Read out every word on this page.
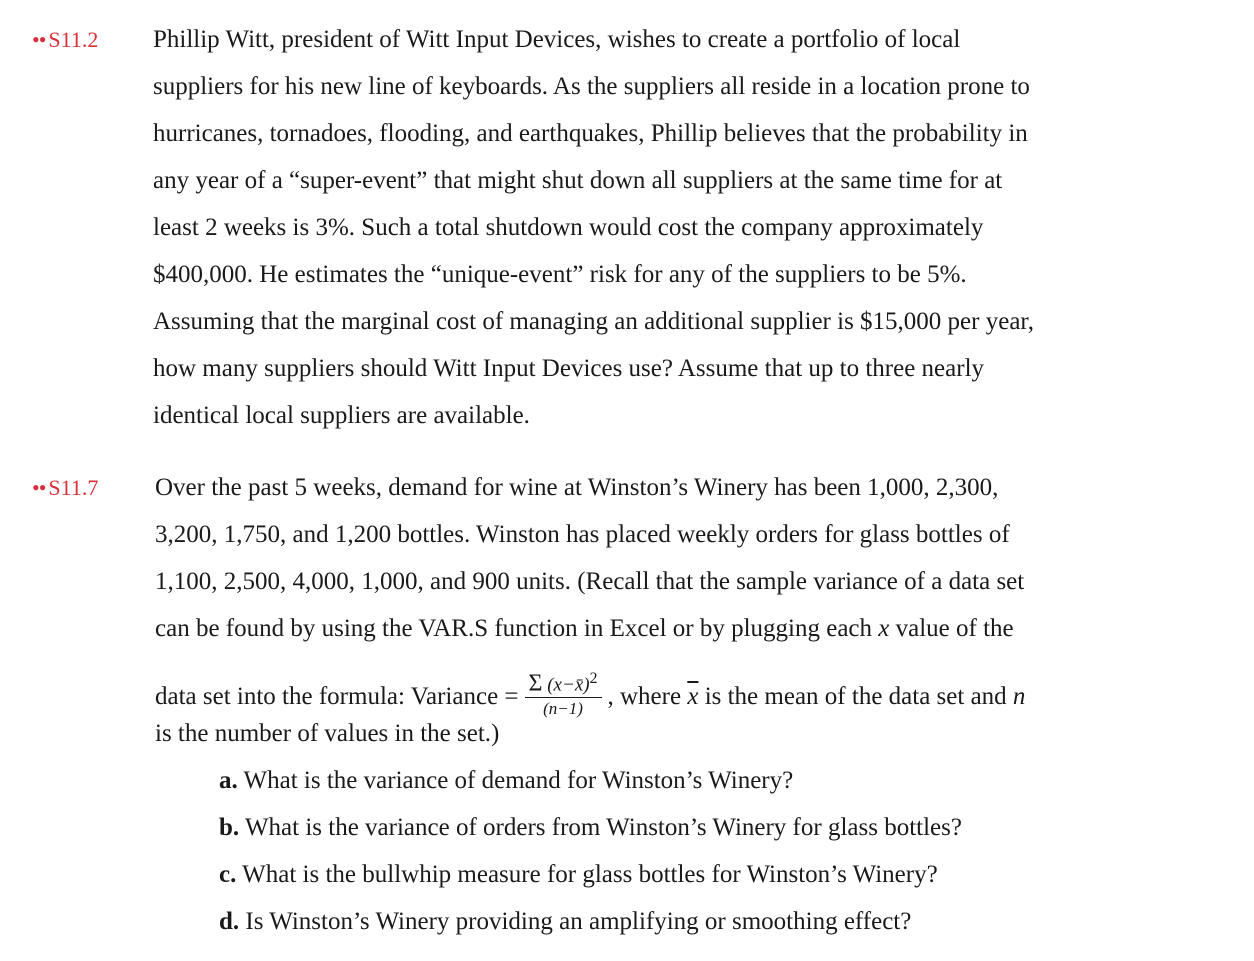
•• S11.2 Phillip Witt, president of Witt Input Devices, wishes to create a portfolio of local
suppliers for his new line of keyboards. As the suppliers all reside in a location prone to
hurricanes, tornadoes, flooding, and earthquakes, Phillip believes that the probability in
any year of a “super-event” that might shut down all suppliers at the same time for at
least 2 weeks is 3%. Such a total shutdown would cost the company approximately
$400,000. He estimates the “unique-event” risk for any of the suppliers to be 5%.
Assuming that the marginal cost of managing an additional supplier is $15,000 per year,
how many suppliers should Witt Input Devices use? Assume that up to three nearly
identical local suppliers are available.
•• S11.7 Over the past 5 weeks, demand for wine at Winston’s Winery has been 1,000, 2,300,
3,200, 1,750, and 1,200 bottles. Winston has placed weekly orders for glass bottles of
1,100, 2,500, 4,000, 1,000, and 900 units. (Recall that the sample variance of a data set
can be found by using the VAR.S function in Excel or by plugging each x value of the
data set into the formula: Variance = $\frac{\Sigma (x-x̄)^2}{(n-1)}$ , where $\overline{x}$ is the mean of the data set and n
is the number of values in the set.)
a. What is the variance of demand for Winston’s Winery?
b. What is the variance of orders from Winston’s Winery for glass bottles?
c. What is the bullwhip measure for glass bottles for Winston’s Winery?
d. Is Winston’s Winery providing an amplifying or smoothing effect?
